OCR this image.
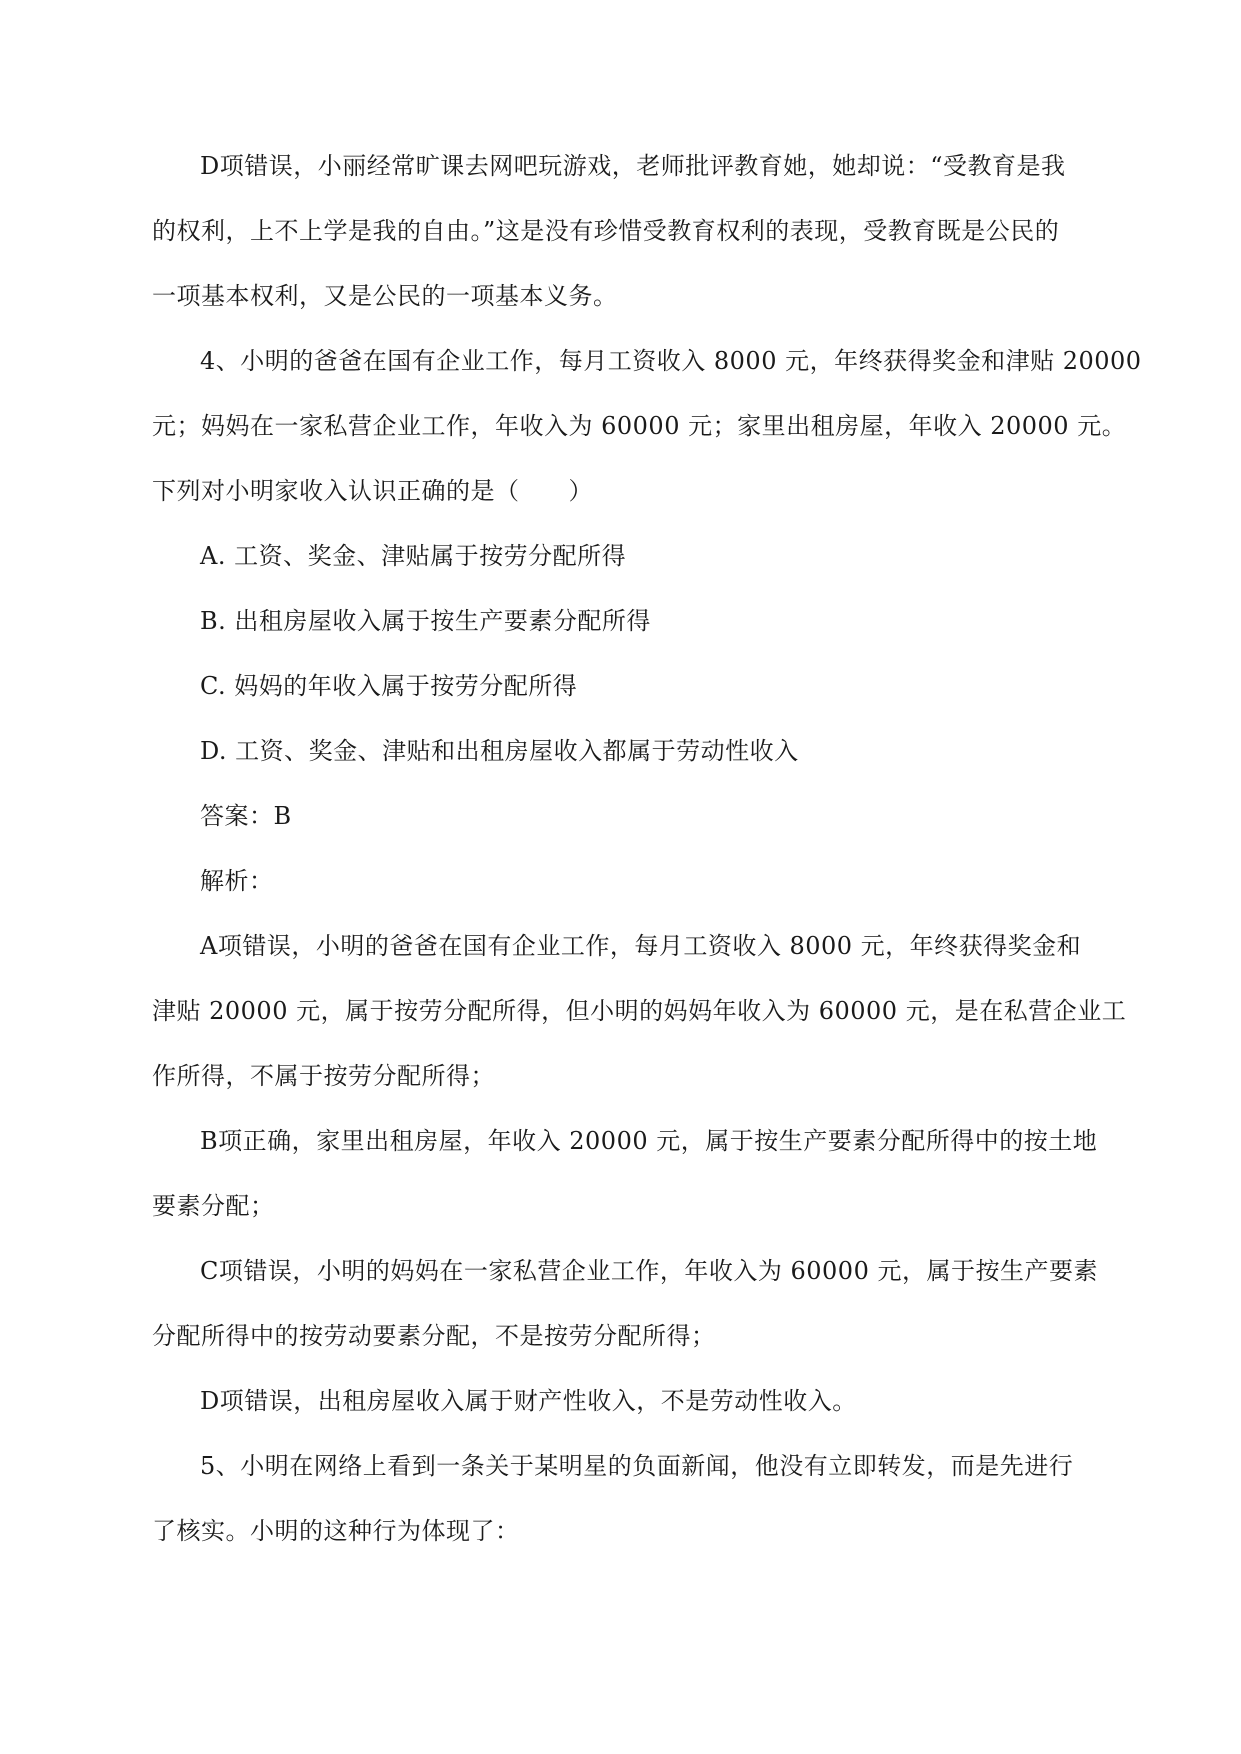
D项错误，小丽经常旷课去网吧玩游戏，老师批评教育她，她却说：“受教育是我
的权利，上不上学是我的自由。”这是没有珍惜受教育权利的表现，受教育既是公民的
一项基本权利，又是公民的一项基本义务。
4、小明的爸爸在国有企业工作，每月工资收入 8000 元，年终获得奖金和津贴 20000
元；妈妈在一家私营企业工作，年收入为 60000 元；家里出租房屋，年收入 20000 元。
下列对小明家收入认识正确的是（　　）
A. 工资、奖金、津贴属于按劳分配所得
B. 出租房屋收入属于按生产要素分配所得
C. 妈妈的年收入属于按劳分配所得
D. 工资、奖金、津贴和出租房屋收入都属于劳动性收入
答案：B
解析：
A项错误，小明的爸爸在国有企业工作，每月工资收入 8000 元，年终获得奖金和
津贴 20000 元，属于按劳分配所得，但小明的妈妈年收入为 60000 元，是在私营企业工
作所得，不属于按劳分配所得；
B项正确，家里出租房屋，年收入 20000 元，属于按生产要素分配所得中的按土地
要素分配；
C项错误，小明的妈妈在一家私营企业工作，年收入为 60000 元，属于按生产要素
分配所得中的按劳动要素分配，不是按劳分配所得；
D项错误，出租房屋收入属于财产性收入，不是劳动性收入。
5、小明在网络上看到一条关于某明星的负面新闻，他没有立即转发，而是先进行
了核实。小明的这种行为体现了：
